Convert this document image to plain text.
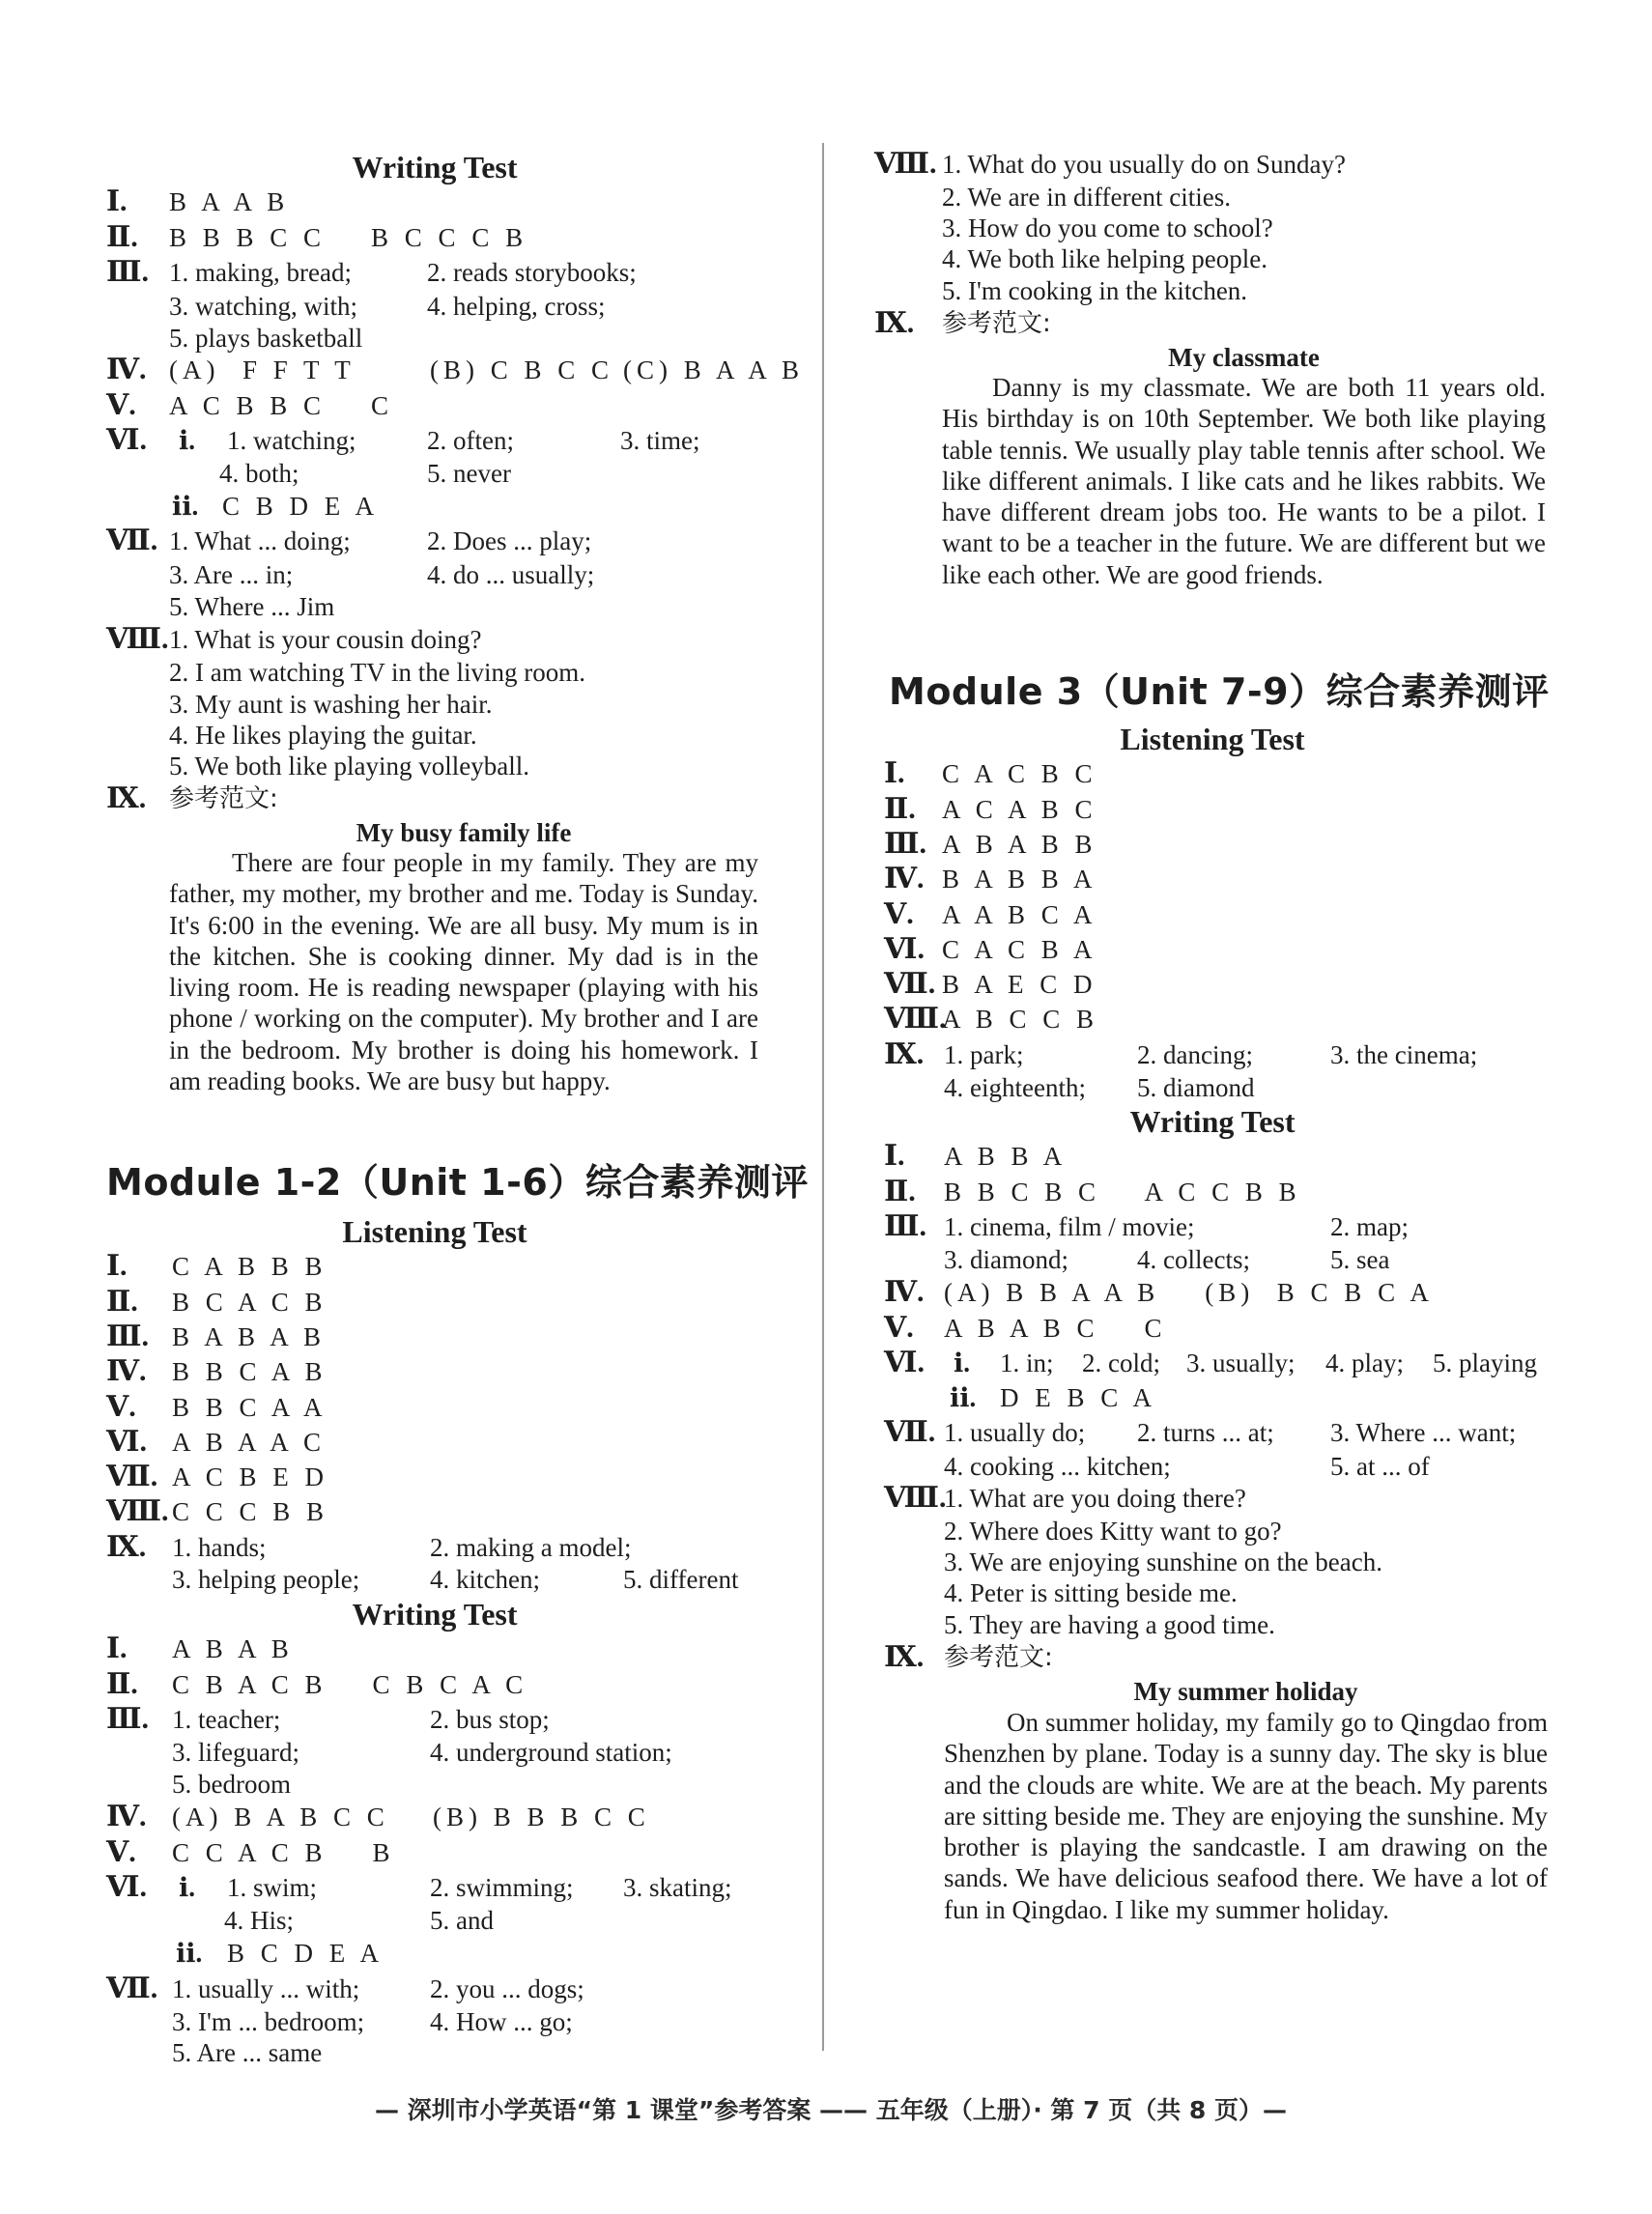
Writing Test
Ⅰ. B A A B
Ⅱ. B B B C C    B C C C B
Ⅲ. 1. making, bread;	2. reads storybooks;
3. watching, with;	4. helping, cross;
5. plays basketball
Ⅳ. (A)  F F T T	(B) C B C C (C) B A A B
Ⅴ. A C B B C    C
Ⅵ. ⅰ. 1. watching;	2. often;	3. time;
4. both;	5. never
ⅱ. C B D E A
Ⅶ. 1. What ... doing;	2. Does ... play;
3. Are ... in;	4. do ... usually;
5. Where ... Jim
Ⅷ. 1. What is your cousin doing?
2. I am watching TV in the living room.
3. My aunt is washing her hair.
4. He likes playing the guitar.
5. We both like playing volleyball.
Ⅸ. 参考范文:
My busy family life
There are four people in my family. They are my father, my mother, my brother and me. Today is Sunday. It's 6:00 in the evening. We are all busy. My mum is in the kitchen. She is cooking dinner. My dad is in the living room. He is reading newspaper (playing with his phone / working on the computer). My brother and I are in the bedroom. My brother is doing his homework. I am reading books. We are busy but happy.
Module 1-2（Unit 1-6）综合素养测评
Listening Test
Ⅰ. C A B B B
Ⅱ. B C A C B
Ⅲ. B A B A B
Ⅳ. B B C A B
Ⅴ. B B C A A
Ⅵ. A B A A C
Ⅶ. A C B E D
Ⅷ. C C C B B
Ⅸ. 1. hands;	2. making a model;
3. helping people;	4. kitchen;	5. different
Writing Test
Ⅰ. A B A B
Ⅱ. C B A C B    C B C A C
Ⅲ. 1. teacher;	2. bus stop;
3. lifeguard;	4. underground station;
5. bedroom
Ⅳ. (A) B A B C C (B) B B B C C
Ⅴ. C C A C B    B
Ⅵ. ⅰ. 1. swim;	2. swimming; 3. skating;
4. His;	5. and
ⅱ. B C D E A
Ⅶ. 1. usually ... with;	2. you ... dogs;
3. I'm ... bedroom;	4. How ... go;
5. Are ... same
Ⅷ. 1. What do you usually do on Sunday?
2. We are in different cities.
3. How do you come to school?
4. We both like helping people.
5. I'm cooking in the kitchen.
Ⅸ. 参考范文:
My classmate
Danny is my classmate. We are both 11 years old. His birthday is on 10th September. We both like playing table tennis. We usually play table tennis after school. We like different animals. I like cats and he likes rabbits. We have different dream jobs too. He wants to be a pilot. I want to be a teacher in the future. We are different but we like each other. We are good friends.
Module 3（Unit 7-9）综合素养测评
Listening Test
Ⅰ. C A C B C
Ⅱ. A C A B C
Ⅲ. A B A B B
Ⅳ. B A B B A
Ⅴ. A A B C A
Ⅵ. C A C B A
Ⅶ. B A E C D
Ⅷ.
A B C C B
Ⅸ. 1. park;	2. dancing;	3. the cinema;
4. eighteenth; 5. diamond
Writing Test
Ⅰ. A B B A
Ⅱ. B B C B C    A C C B B
Ⅲ. 1. cinema, film / movie;	2. map;
3. diamond;	4. collects;	5. sea
Ⅳ. (A) B B A A B    (B)  B C B C A
Ⅴ. A B A B C    C
Ⅵ. ⅰ. 1. in; 2. cold; 3. usually; 4. play; 5. playing
ⅱ. D E B C A
Ⅶ. 1. usually do; 2. turns ... at; 3. Where ... want;
4. cooking ... kitchen;	5. at ... of
Ⅷ.
1. What are you doing there?
2. Where does Kitty want to go?
3. We are enjoying sunshine on the beach.
4. Peter is sitting beside me.
5. They are having a good time.
Ⅸ. 参考范文:
My summer holiday
On summer holiday, my family go to Qingdao from Shenzhen by plane. Today is a sunny day. The sky is blue and the clouds are white. We are at the beach. My parents are sitting beside me. They are enjoying the sunshine. My brother is playing the sandcastle. I am drawing on the sands. We have delicious seafood there. We have a lot of fun in Qingdao. I like my summer holiday.
— 深圳市小学英语“第 1 课堂”参考答案 —— 五年级（上册）· 第 7 页（共 8 页）—
